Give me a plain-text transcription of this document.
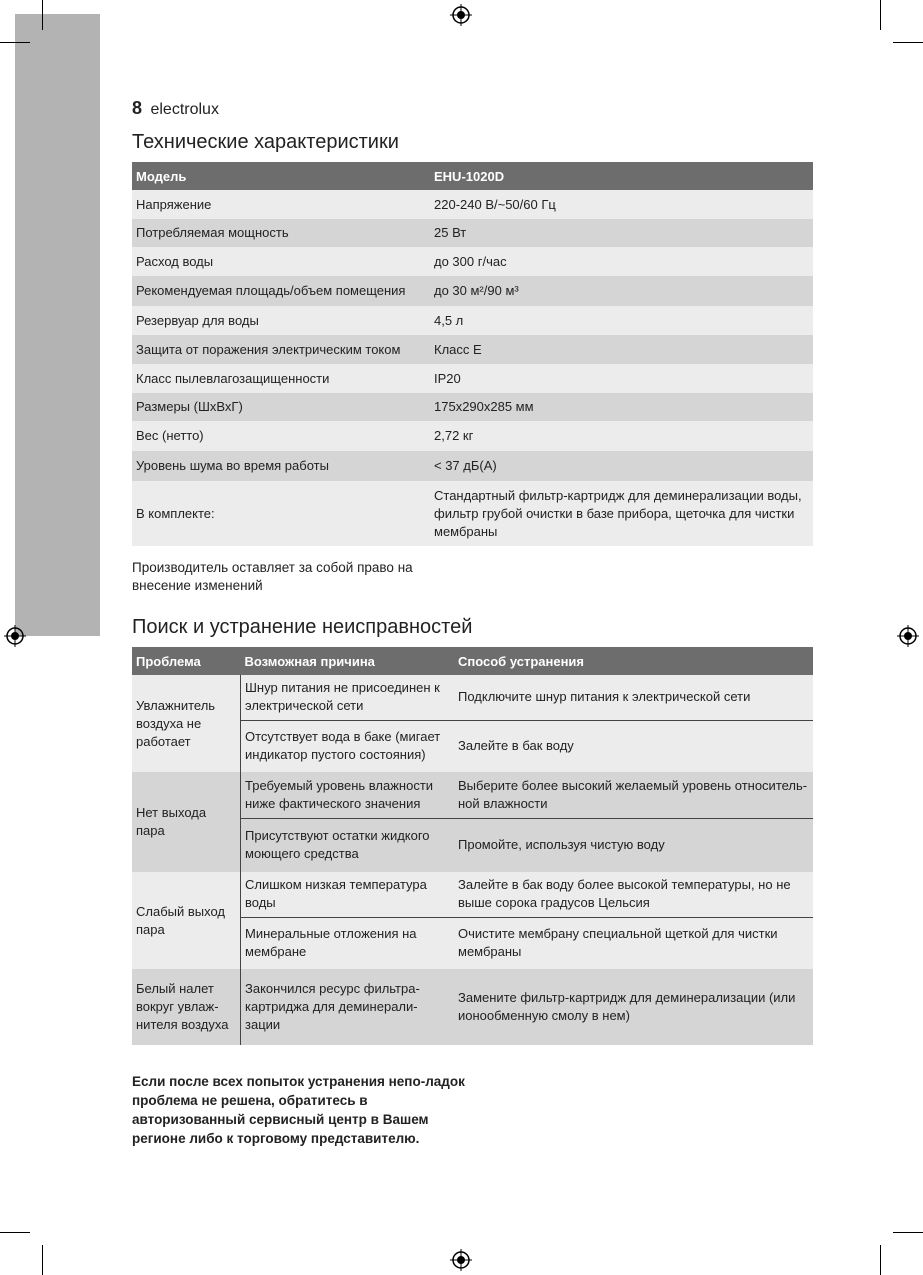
8 electrolux
Технические характеристики
Модель	EHU-1020D
Напряжение	220-240 В/~50/60 Гц
Потребляемая мощность	25 Вт
Расход воды	до 300 г/час
Рекомендуемая площадь/объем помещения	до 30 м²/90 м³
Резервуар для воды	4,5 л
Защита от поражения электрическим током	Класс Е
Класс пылевлагозащищенности	IP20
Размеры (ШхВхГ)	175х290х285 мм
Вес (нетто)	2,72 кг
Уровень шума во время работы	< 37 дБ(А)
В комплекте:	Стандартный фильтр-картридж для деминерализации воды, фильтр грубой очистки в базе прибора, щеточка для чистки мембраны
Производитель оставляет за собой право на внесение изменений
Поиск и устранение неисправностей
Проблема	Возможная причина	Способ устранения
Увлажнитель воздуха не работает	Шнур питания не присоединен к электрической сети	Подключите шнур питания к электрической сети
	Отсутствует вода в баке (мигает индикатор пустого состояния)	Залейте в бак воду
Нет выхода пара	Требуемый уровень влажности ниже фактического значения	Выберите более высокий желаемый уровень относитель-ной влажности
	Присутствуют остатки жидкого моющего средства	Промойте, используя чистую воду
Слабый выход пара	Слишком низкая температура воды	Залейте в бак воду более высокой температуры, но не выше сорока градусов Цельсия
	Минеральные отложения на мембране	Очистите мембрану специальной щеткой для чистки мембраны
Белый налет вокруг увлаж-нителя воздуха	Закончился ресурс фильтра-картриджа для деминерали-зации	Замените фильтр-картридж для деминерализации (или ионообменную смолу в нем)
Если после всех попыток устранения непо-ладок проблема не решена, обратитесь в авторизованный сервисный центр в Вашем регионе либо к торговому представителю.
